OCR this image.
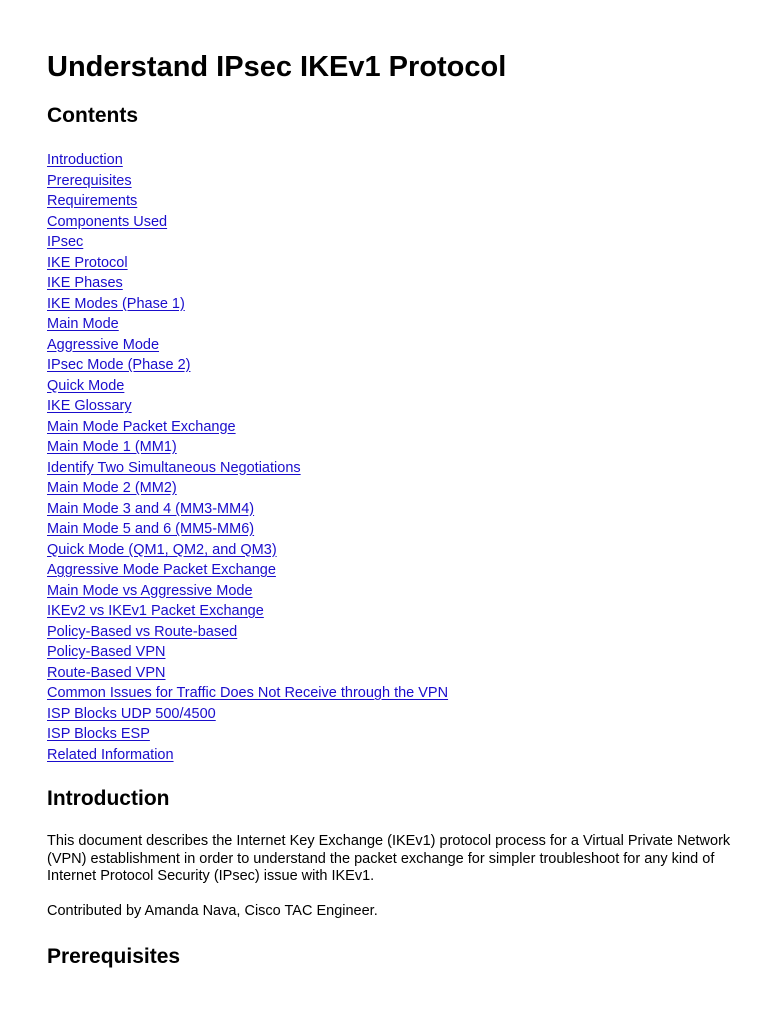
Understand IPsec IKEv1 Protocol
Contents
Introduction
Prerequisites
Requirements
Components Used
IPsec
IKE Protocol
IKE Phases
IKE Modes (Phase 1)
Main Mode
Aggressive Mode
IPsec Mode (Phase 2)
Quick Mode
IKE Glossary
Main Mode Packet Exchange
Main Mode 1 (MM1)
Identify Two Simultaneous Negotiations
Main Mode 2 (MM2)
Main Mode 3 and 4 (MM3-MM4)
Main Mode 5 and 6 (MM5-MM6)
Quick Mode (QM1, QM2, and QM3)
Aggressive Mode Packet Exchange
Main Mode vs Aggressive Mode
IKEv2 vs IKEv1 Packet Exchange
Policy-Based vs Route-based
Policy-Based VPN
Route-Based VPN
Common Issues for Traffic Does Not Receive through the VPN
ISP Blocks UDP 500/4500
ISP Blocks ESP
Related Information
Introduction

This document describes the Internet Key Exchange (IKEv1) protocol process for a Virtual Private Network (VPN) establishment in order to understand the packet exchange for simpler troubleshoot for any kind of Internet Protocol Security (IPsec) issue with IKEv1.

Contributed by Amanda Nava, Cisco TAC Engineer.

Prerequisites
